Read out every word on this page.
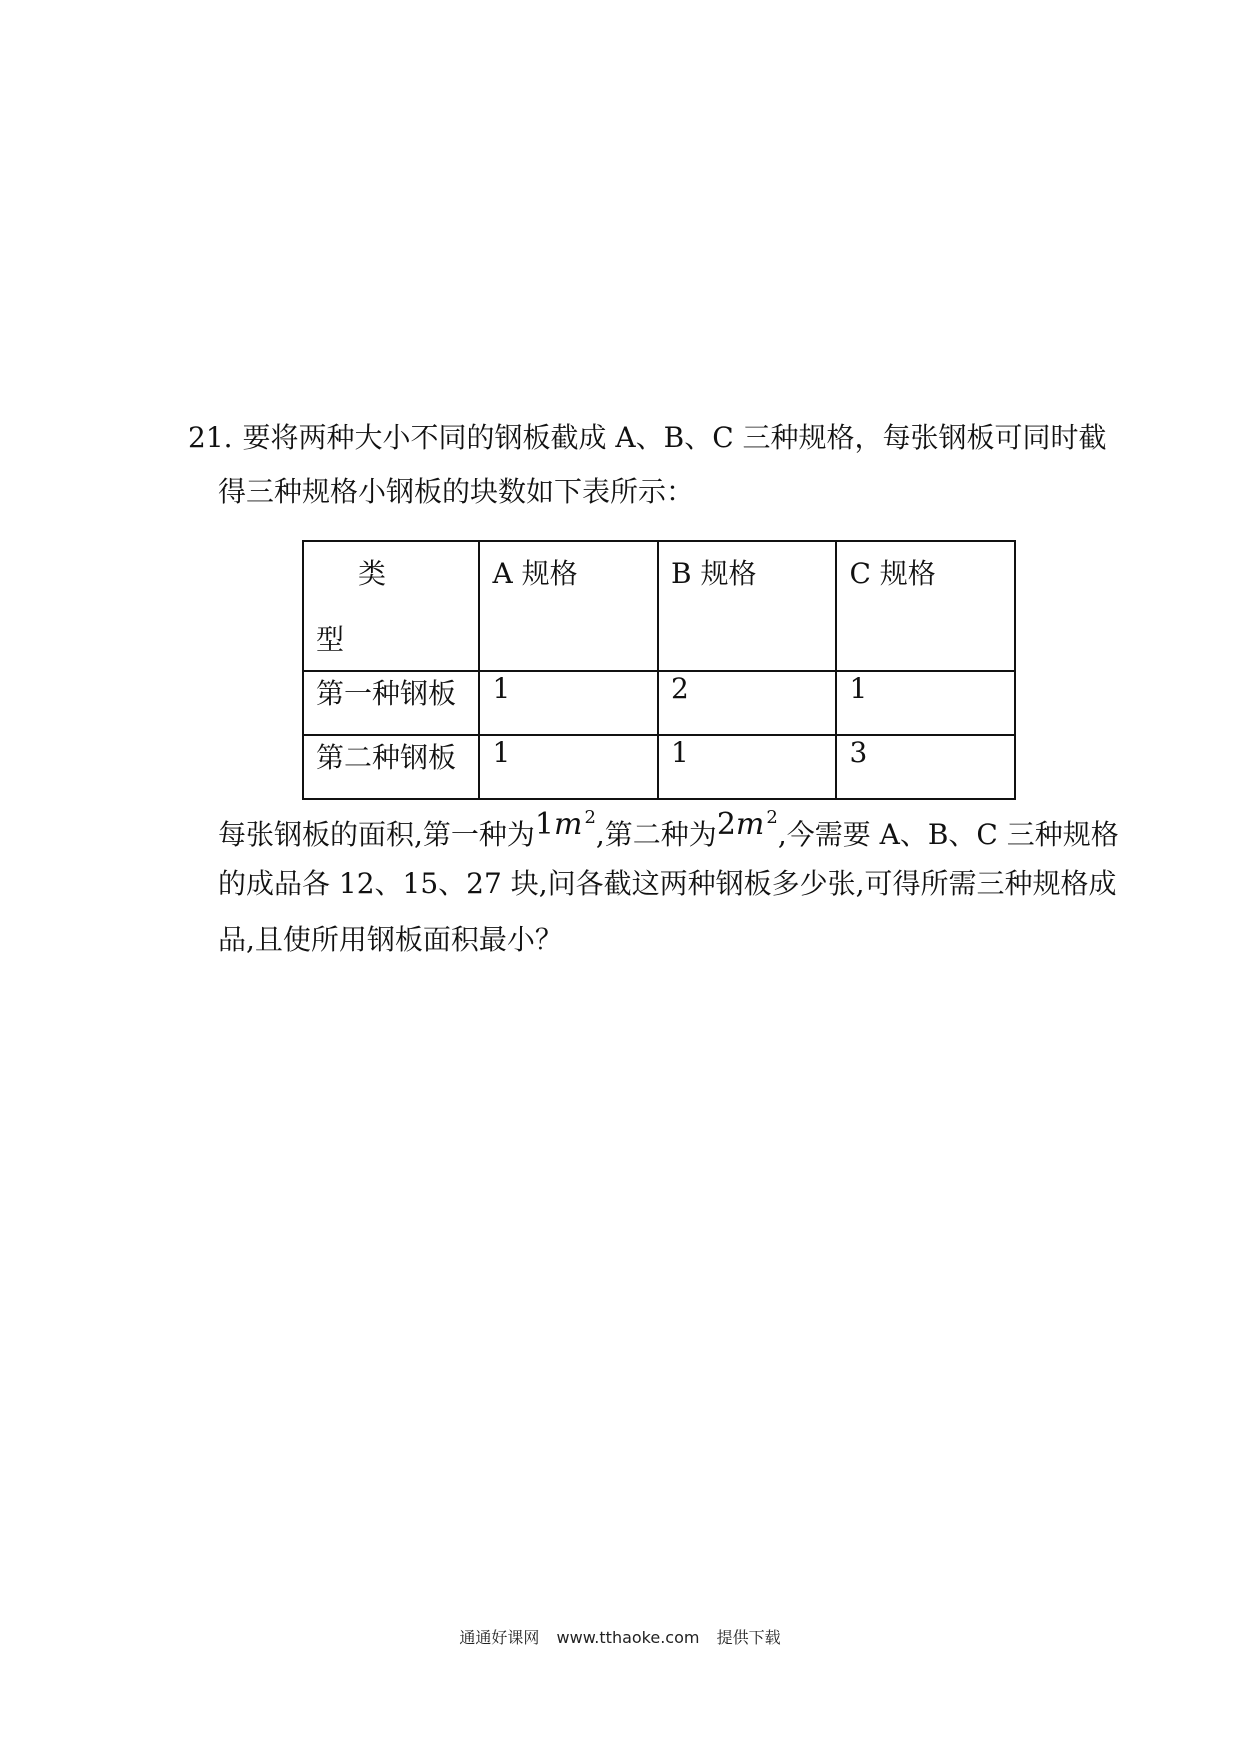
21. 要将两种大小不同的钢板截成 A、B、C 三种规格，每张钢板可同时截
得三种规格小钢板的块数如下表所示：
类
型	A 规格	B 规格	C 规格

第一种钢板	1	2	1
第二种钢板	1	1	3
每张钢板的面积,第一种为1m $^2$,第二种为2m $^2$,今需要 A、B、C 三种规格
的成品各 12、15、27 块,问各截这两种钢板多少张,可得所需三种规格成
品,且使所用钢板面积最小？
通通好课网 www.tthaoke.com 提供下载
